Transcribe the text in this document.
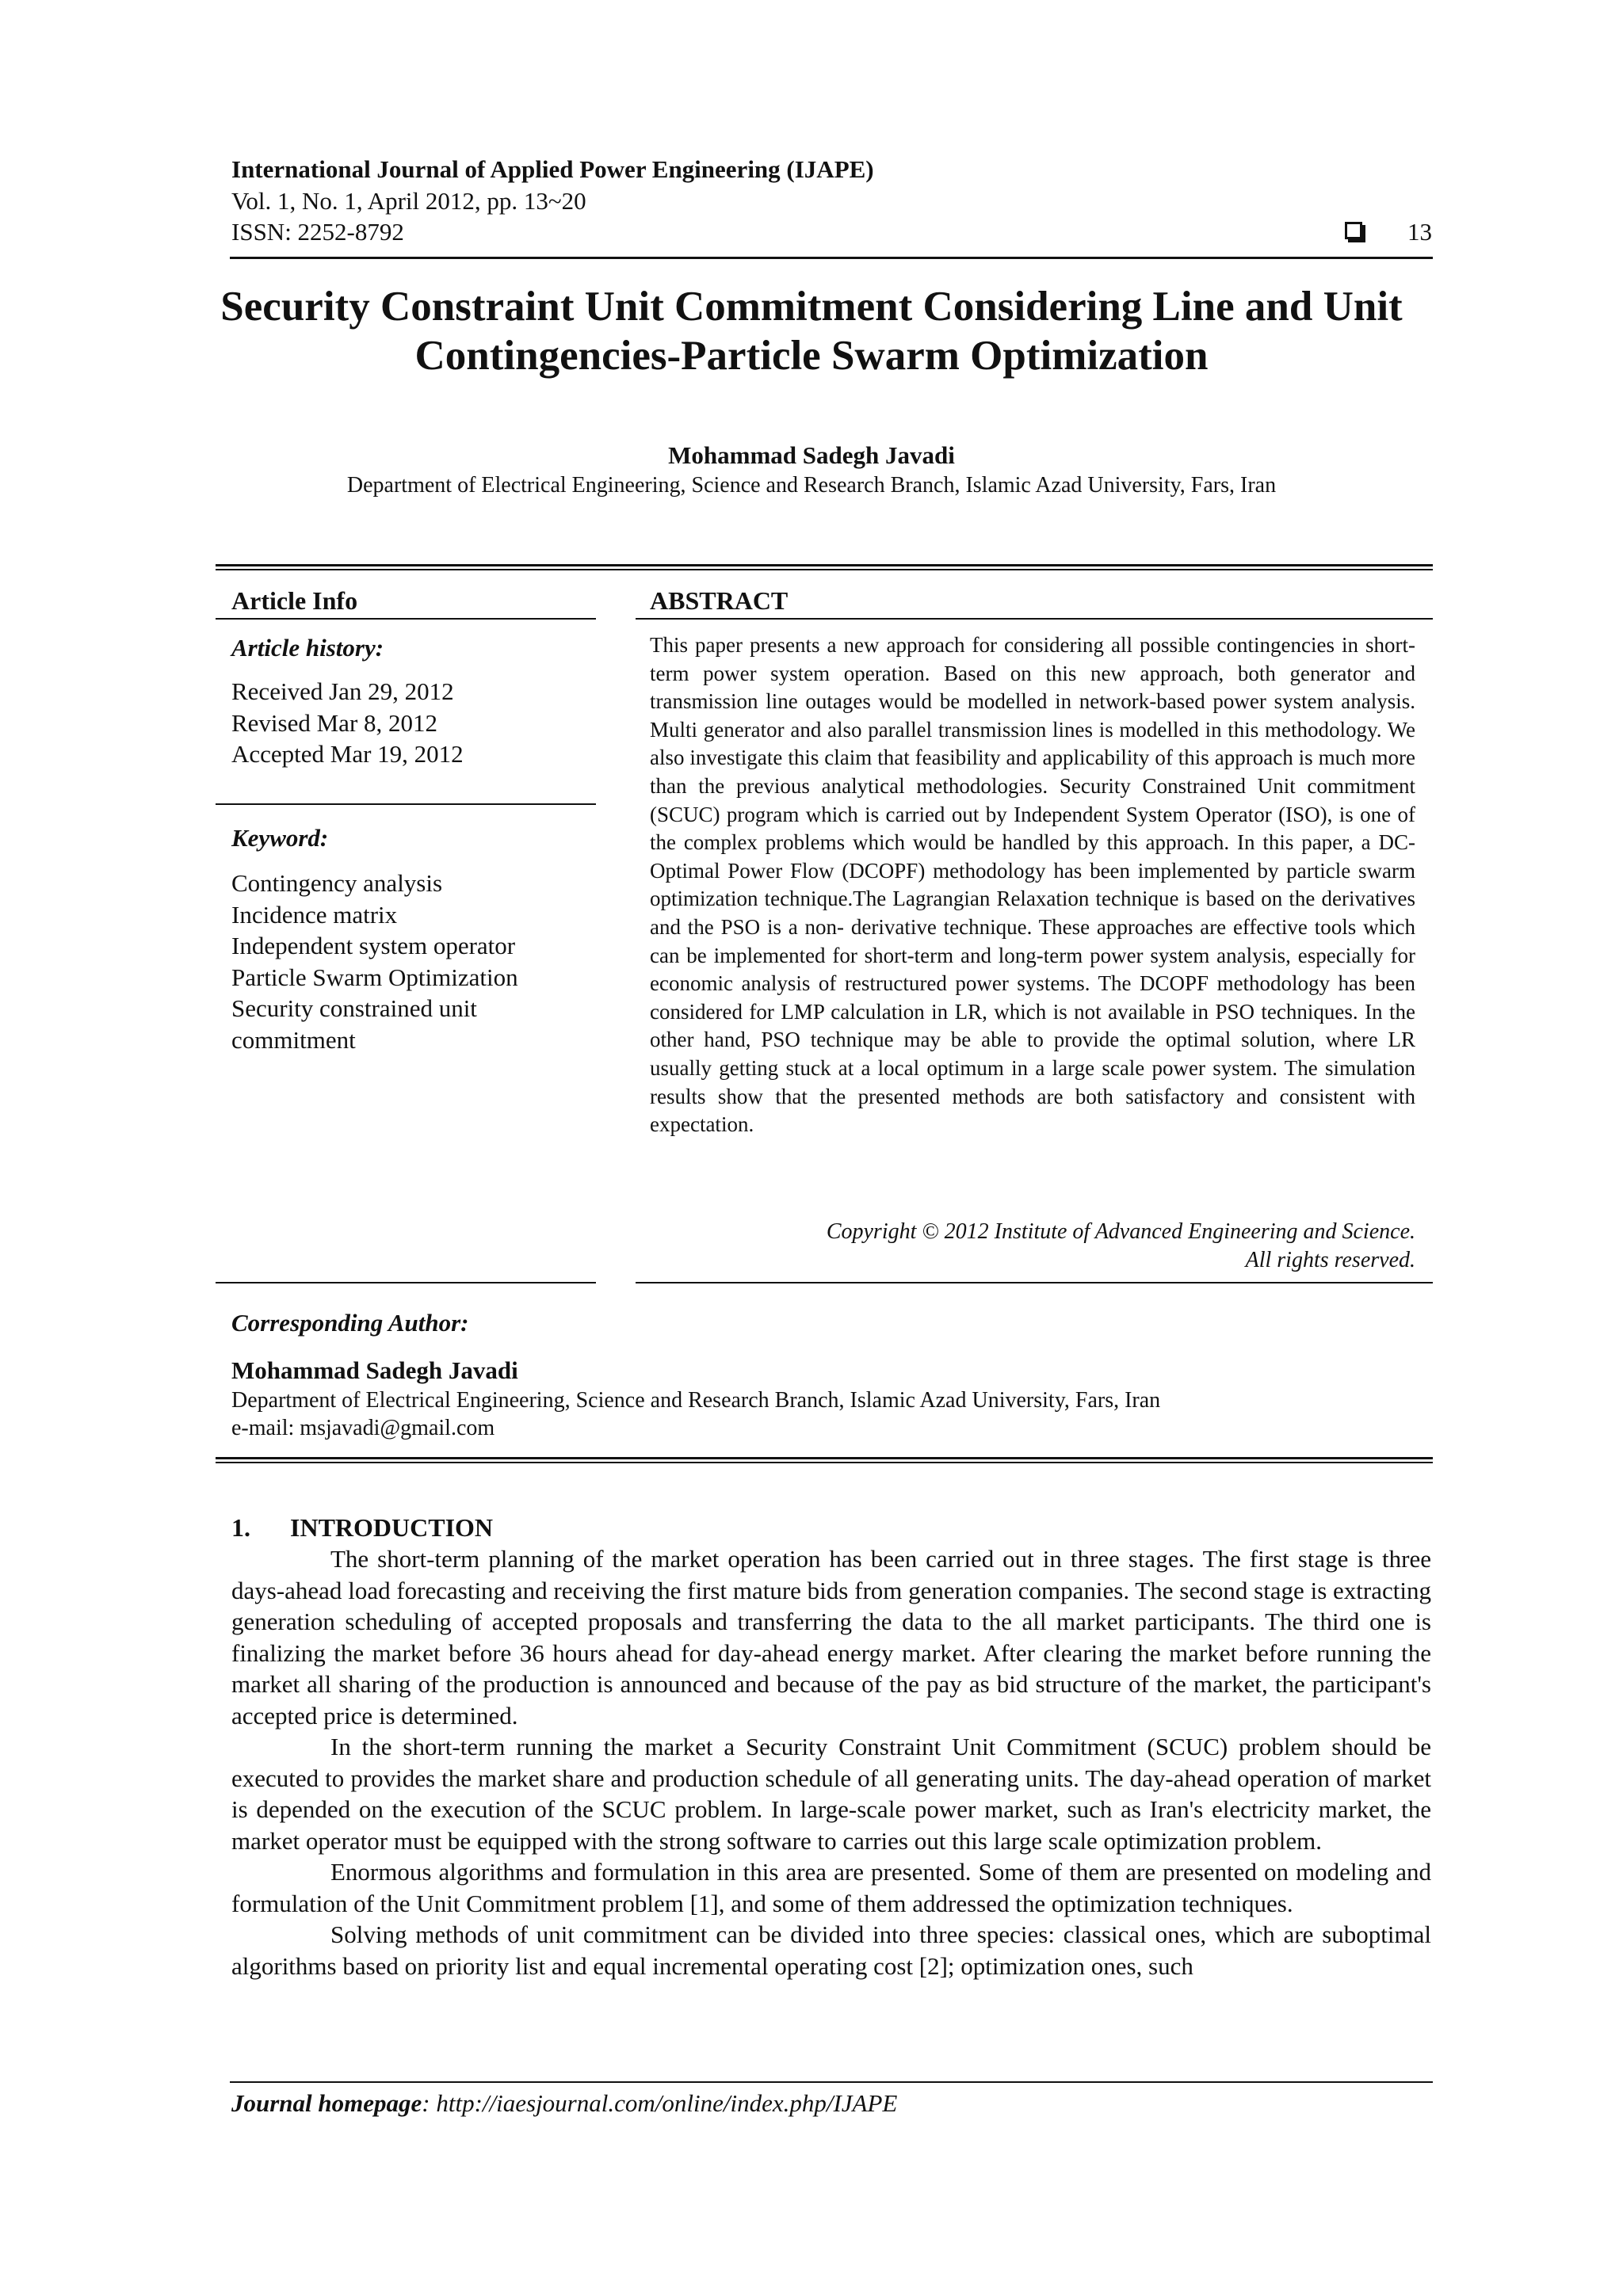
International Journal of Applied Power Engineering (IJAPE)
Vol. 1, No. 1, April 2012, pp. 13~20
ISSN: 2252-8792	13
Security Constraint Unit Commitment Considering Line and Unit Contingencies-Particle Swarm Optimization
Mohammad Sadegh Javadi
Department of Electrical Engineering, Science and Research Branch, Islamic Azad University, Fars, Iran
Article Info
Article history:
Received Jan 29, 2012
Revised Mar 8, 2012
Accepted Mar 19, 2012
Keyword:
Contingency analysis
Incidence matrix
Independent system operator
Particle Swarm Optimization
Security constrained unit
commitment
ABSTRACT
This paper presents a new approach for considering all possible contingencies in short-term power system operation. Based on this new approach, both generator and transmission line outages would be modelled in network-based power system analysis. Multi generator and also parallel transmission lines is modelled in this methodology. We also investigate this claim that feasibility and applicability of this approach is much more than the previous analytical methodologies. Security Constrained Unit commitment (SCUC) program which is carried out by Independent System Operator (ISO), is one of the complex problems which would be handled by this approach. In this paper, a DC-Optimal Power Flow (DCOPF) methodology has been implemented by particle swarm optimization technique.The Lagrangian Relaxation technique is based on the derivatives and the PSO is a non- derivative technique. These approaches are effective tools which can be implemented for short-term and long-term power system analysis, especially for economic analysis of restructured power systems. The DCOPF methodology has been considered for LMP calculation in LR, which is not available in PSO techniques. In the other hand, PSO technique may be able to provide the optimal solution, where LR usually getting stuck at a local optimum in a large scale power system. The simulation results show that the presented methods are both satisfactory and consistent with expectation.
Copyright © 2012 Institute of Advanced Engineering and Science.
All rights reserved.
Corresponding Author:
Mohammad Sadegh Javadi
Department of Electrical Engineering, Science and Research Branch, Islamic Azad University, Fars, Iran
e-mail: msjavadi@gmail.com
1. INTRODUCTION

The short-term planning of the market operation has been carried out in three stages. The first stage is three days-ahead load forecasting and receiving the first mature bids from generation companies. The second stage is extracting generation scheduling of accepted proposals and transferring the data to the all market participants. The third one is finalizing the market before 36 hours ahead for day-ahead energy market. After clearing the market before running the market all sharing of the production is announced and because of the pay as bid structure of the market, the participant's accepted price is determined.

In the short-term running the market a Security Constraint Unit Commitment (SCUC) problem should be executed to provides the market share and production schedule of all generating units. The day-ahead operation of market is depended on the execution of the SCUC problem. In large-scale power market, such as Iran's electricity market, the market operator must be equipped with the strong software to carries out this large scale optimization problem.

Enormous algorithms and formulation in this area are presented. Some of them are presented on modeling and formulation of the Unit Commitment problem [1], and some of them addressed the optimization techniques.

Solving methods of unit commitment can be divided into three species: classical ones, which are suboptimal algorithms based on priority list and equal incremental operating cost [2]; optimization ones, such

Journal homepage: http://iaesjournal.com/online/index.php/IJAPE
